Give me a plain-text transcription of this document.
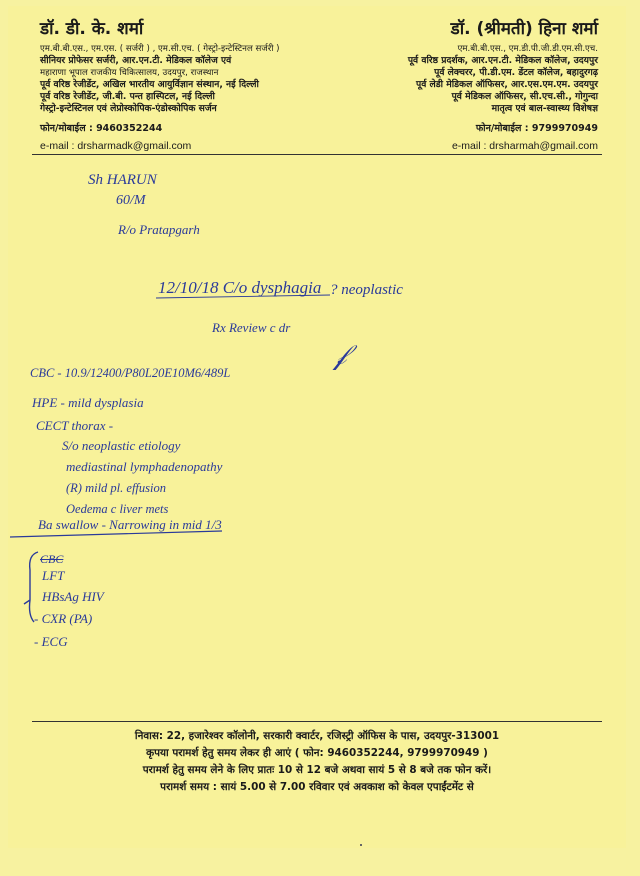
डॉ. डी. के. शर्मा
एम.बी.बी.एस., एम.एस. ( सर्जरी ) , एम.सी.एच. ( गेस्ट्रो-इन्टेस्टिनल सर्जरी )
सीनियर प्रोफेसर सर्जरी, आर.एन.टी. मेडिकल कॉलेज एवं
महाराणा भूपाल राजकीय चिकित्सालय, उदयपुर, राजस्थान
पूर्व वरिष्ठ रेजीडेंट, अखिल भारतीय आयुर्विज्ञान संस्थान, नई दिल्ली
पूर्व वरिष्ठ रेजीडेंट, जी.बी. पन्त हास्पिटल, नई दिल्ली
गेस्ट्रो-इन्टेस्टिनल एवं लेप्रोस्कोपिक-एंडोस्कोपिक सर्जन
फोन/मोबाईल : 9460352244
e-mail : drsharmadk@gmail.com
डॉ. (श्रीमती) हिना शर्मा
एम.बी.बी.एस., एम.डी.पी.जी.डी.एम.सी.एच.
पूर्व वरिष्ठ प्रदर्शक, आर.एन.टी. मेडिकल कॉलेज, उदयपुर
पूर्व लेक्चरर, पी.डी.एम. डेंटल कॉलेज, बहादुरगढ़
पूर्व लेडी मेडिकल ऑफिसर, आर.एस.एम.एम. उदयपुर
पूर्व मेडिकल ऑफिसर, सी.एच.सी., गोगुन्दा
मातृत्व एवं बाल-स्वास्थ्य विशेषज्ञ
फोन/मोबाईल : 9799970949
e-mail : drsharmah@gmail.com
Sh HARUN
60/M
R/o Pratapgarh
12/10/18 C/o dysphagia ? neoplastic
Rx Review c dr
𝒻
CBC - 10.9/12400/P80L20E10M6/489L
HPE - mild dysplasia
CECT thorax -
S/o neoplastic etiology
mediastinal lymphadenopathy
(R) mild pl. effusion
Oedema c liver mets
Ba swallow - Narrowing in mid 1/3
CBC
LFT
HBsAg HIV
- CXR (PA)
- ECG
निवास: 22, हजारेश्वर कॉलोनी, सरकारी क्वार्टर, रजिस्ट्री ऑफिस के पास, उदयपुर-313001
कृपया परामर्श हेतु समय लेकर ही आएं ( फोन: 9460352244, 9799970949 )
परामर्श हेतु समय लेने के लिए प्रातः 10 से 12 बजे अथवा सायं 5 से 8 बजे तक फोन करें।
परामर्श समय : सायं 5.00 से 7.00 रविवार एवं अवकाश को केवल एपाईंटमेंट से
